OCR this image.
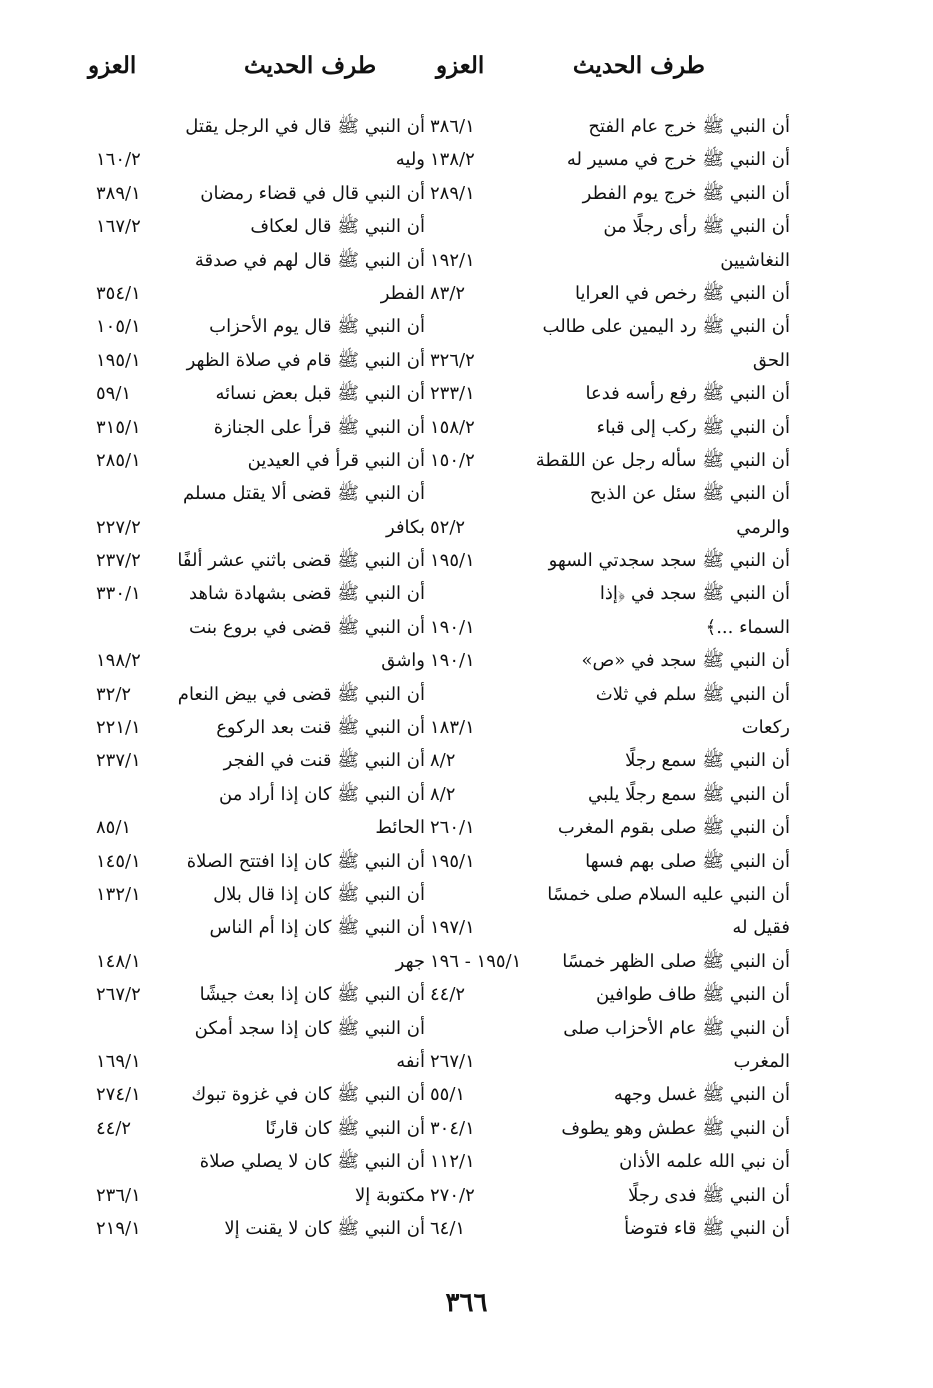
طرف الحديث
العزو
طرف الحديث
العزو
أن النبي ﷺ خرج عام الفتح
٣٨٦/١
أن النبي ﷺ خرج في مسير له
١٣٨/٢
أن النبي ﷺ خرج يوم الفطر
٢٨٩/١
أن النبي ﷺ رأى رجلًا من
النغاشيين
١٩٢/١
أن النبي ﷺ رخص في العرايا
٨٣/٢
أن النبي ﷺ رد اليمين على طالب
الحق
٣٢٦/٢
أن النبي ﷺ رفع رأسه فدعا
٢٣٣/١
أن النبي ﷺ ركب إلى قباء
١٥٨/٢
أن النبي ﷺ سأله رجل عن اللقطة
١٥٠/٢
أن النبي ﷺ سئل عن الذبح
والرمي
٥٢/٢
أن النبي ﷺ سجد سجدتي السهو
١٩٥/١
أن النبي ﷺ سجد في ﴿إذا
السماء ...﴾
١٩٠/١
أن النبي ﷺ سجد في «ص»
١٩٠/١
أن النبي ﷺ سلم في ثلاث
ركعات
١٨٣/١
أن النبي ﷺ سمع رجلًا
٨/٢
أن النبي ﷺ سمع رجلًا يلبي
٨/٢
أن النبي ﷺ صلى بقوم المغرب
٢٦٠/١
أن النبي ﷺ صلى بهم فسها
١٩٥/١
أن النبي عليه السلام صلى خمسًا
فقيل له
١٩٧/١
أن النبي ﷺ صلى الظهر خمسًا
١٩٥/١ - ١٩٦
أن النبي ﷺ طاف طوافين
٤٤/٢
أن النبي ﷺ عام الأحزاب صلى
المغرب
٢٦٧/١
أن النبي ﷺ غسل وجهه
٥٥/١
أن النبي ﷺ عطش وهو يطوف
٣٠٤/١
أن نبي الله علمه الأذان
١١٢/١
أن النبي ﷺ فدى رجلًا
٢٧٠/٢
أن النبي ﷺ قاء فتوضأ
٦٤/١
أن النبي ﷺ قال في الرجل يقتل
وليه
١٦٠/٢
أن النبي قال في قضاء رمضان
٣٨٩/١
أن النبي ﷺ قال لعكاف
١٦٧/٢
أن النبي ﷺ قال لهم في صدقة
الفطر
٣٥٤/١
أن النبي ﷺ قال يوم الأحزاب
١٠٥/١
أن النبي ﷺ قام في صلاة الظهر
١٩٥/١
أن النبي ﷺ قبل بعض نسائه
٥٩/١
أن النبي ﷺ قرأ على الجنازة
٣١٥/١
أن النبي قرأ في العيدين
٢٨٥/١
أن النبي ﷺ قضى ألا يقتل مسلم
بكافر
٢٢٧/٢
أن النبي ﷺ قضى باثني عشر ألفًا
٢٣٧/٢
أن النبي ﷺ قضى بشهادة شاهد
٣٣٠/١
أن النبي ﷺ قضى في بروع بنت
واشق
١٩٨/٢
أن النبي ﷺ قضى في بيض النعام
٣٢/٢
أن النبي ﷺ قنت بعد الركوع
٢٢١/١
أن النبي ﷺ قنت في الفجر
٢٣٧/١
أن النبي ﷺ كان إذا أراد من
الحائط
٨٥/١
أن النبي ﷺ كان إذا افتتح الصلاة
١٤٥/١
أن النبي ﷺ كان إذا قال بلال
١٣٢/١
أن النبي ﷺ كان إذا أم الناس
جهر
١٤٨/١
أن النبي ﷺ كان إذا بعث جيشًا
٢٦٧/٢
أن النبي ﷺ كان إذا سجد أمكن
أنفه
١٦٩/١
أن النبي ﷺ كان في غزوة تبوك
٢٧٤/١
أن النبي ﷺ كان قارنًا
٤٤/٢
أن النبي ﷺ كان لا يصلي صلاة
مكتوبة إلا
٢٣٦/١
أن النبي ﷺ كان لا يقنت إلا
٢١٩/١
٣٦٦
